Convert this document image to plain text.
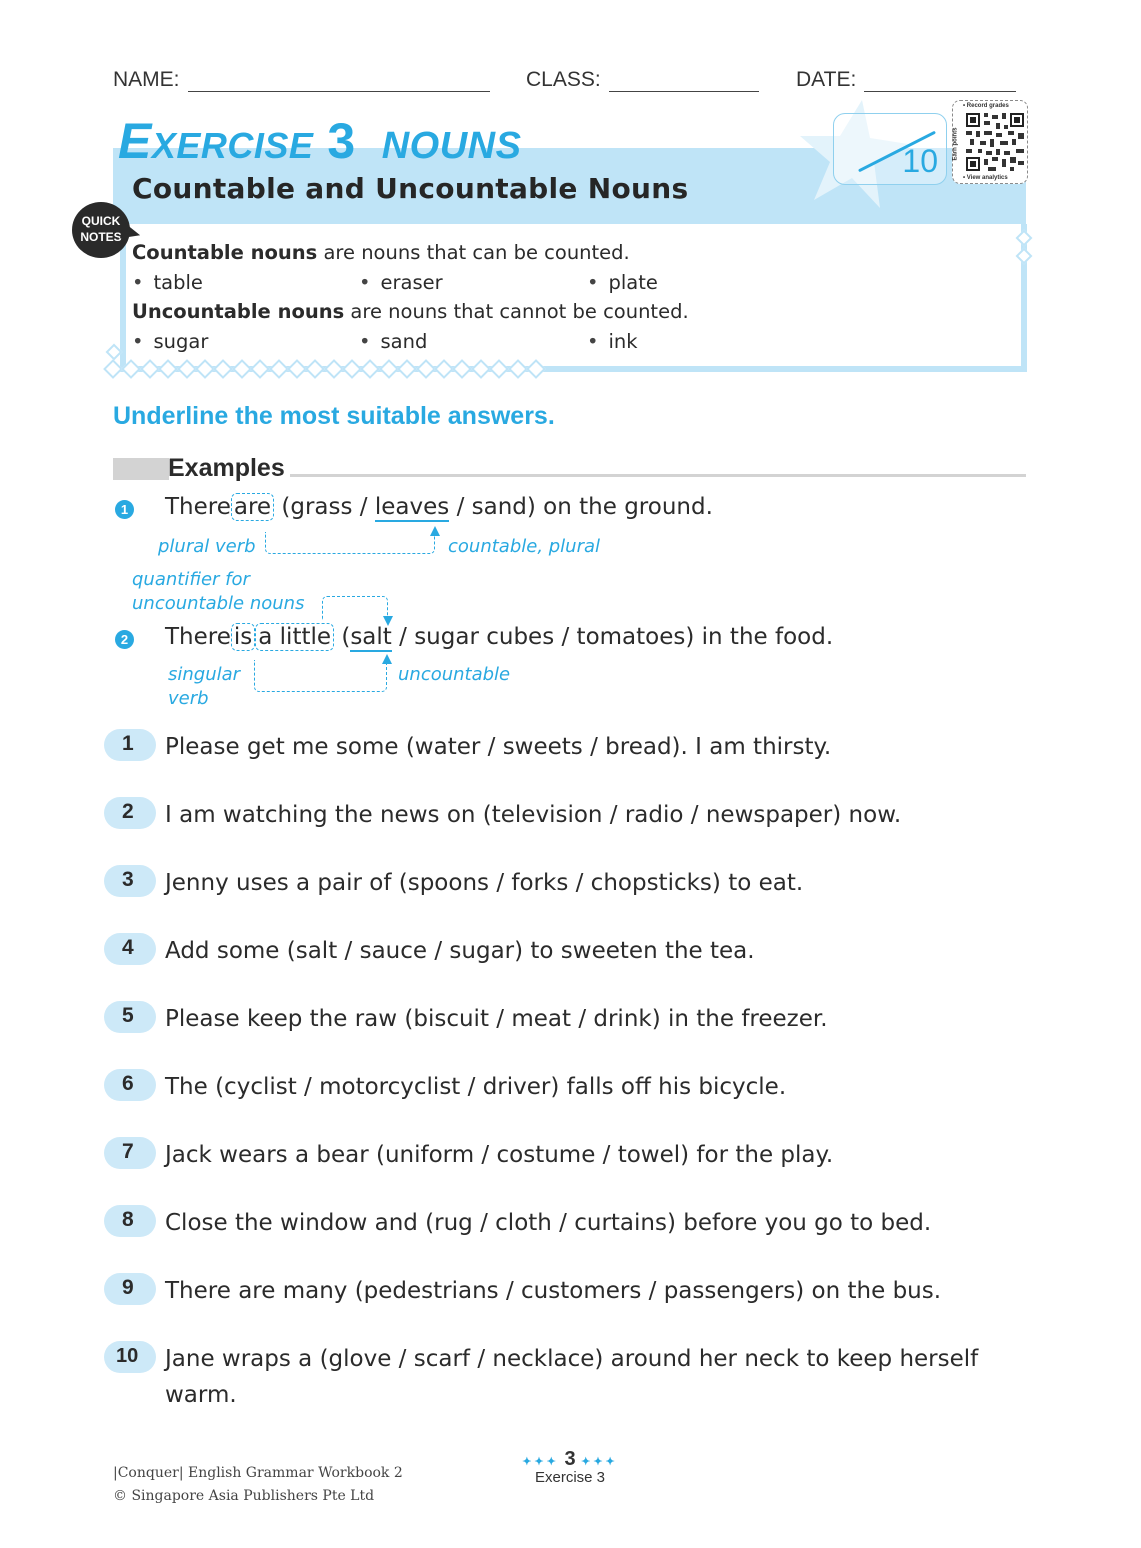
NAME:	CLASS:	DATE:
EXERCISE 3 NOUNS
Countable and Uncountable Nouns
10
• Record grades
Earn points
• View analytics
QUICK
NOTES
Countable nouns are nouns that can be counted.
• table	• eraser	• plate
Uncountable nouns are nouns that cannot be counted.
• sugar	• sand	• ink
Underline the most suitable answers.
Examples
1 There are (grass / leaves / sand) on the ground.
plural verb	countable, plural
quantifier for
uncountable nouns
2 There is a little (salt / sugar cubes / tomatoes) in the food.
singular
verb
uncountable
1	Please get me some (water / sweets / bread). I am thirsty.
2	I am watching the news on (television / radio / newspaper) now.
3	Jenny uses a pair of (spoons / forks / chopsticks) to eat.
4	Add some (salt / sauce / sugar) to sweeten the tea.
5	Please keep the raw (biscuit / meat / drink) in the freezer.
6	The (cyclist / motorcyclist / driver) falls off his bicycle.
7	Jack wears a bear (uniform / costume / towel) for the play.
8	Close the window and (rug / cloth / curtains) before you go to bed.
9	There are many (pedestrians / customers / passengers) on the bus.
10	Jane wraps a (glove / scarf / necklace) around her neck to keep herself warm.
|Conquer| English Grammar Workbook 2
© Singapore Asia Publishers Pte Ltd
✦✦✦ 3 ✦✦✦
Exercise 3
